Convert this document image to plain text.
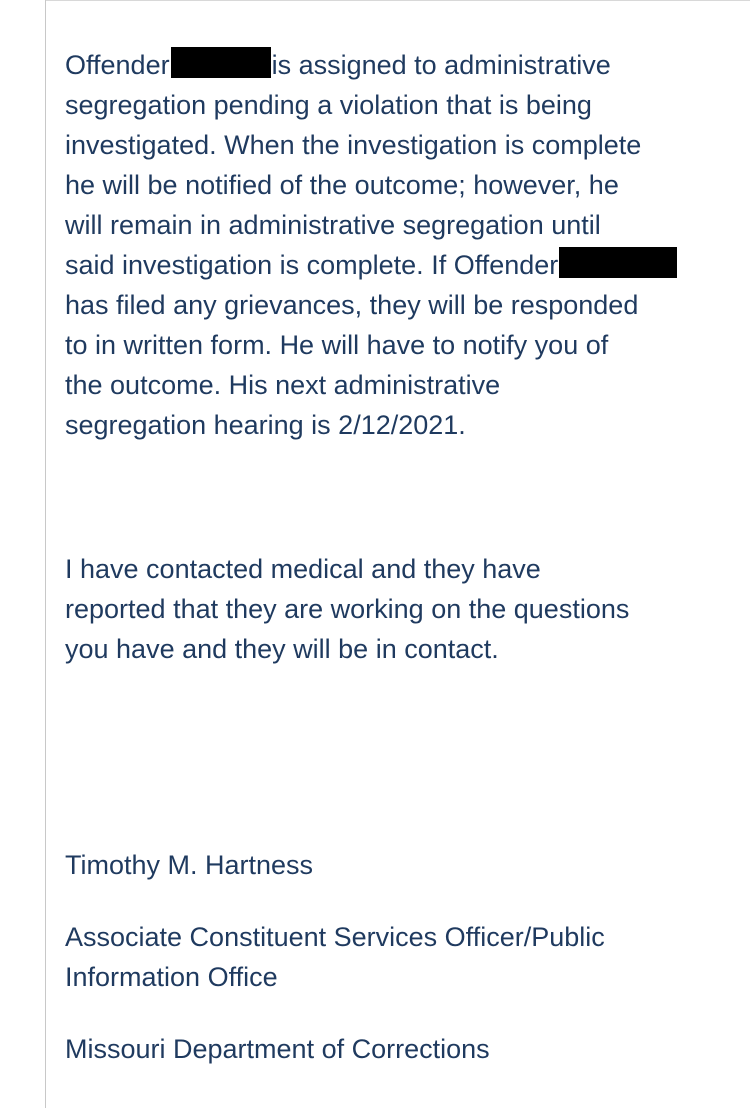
Offender	is assigned to administrative
segregation pending a violation that is being
investigated. When the investigation is complete
he will be notified of the outcome; however, he
will remain in administrative segregation until
said investigation is complete. If Offender
has filed any grievances, they will be responded
to in written form. He will have to notify you of
the outcome. His next administrative
segregation hearing is 2/12/2021.
I have contacted medical and they have
reported that they are working on the questions
you have and they will be in contact.
Timothy M. Hartness
Associate Constituent Services Officer/Public
Information Office
Missouri Department of Corrections
